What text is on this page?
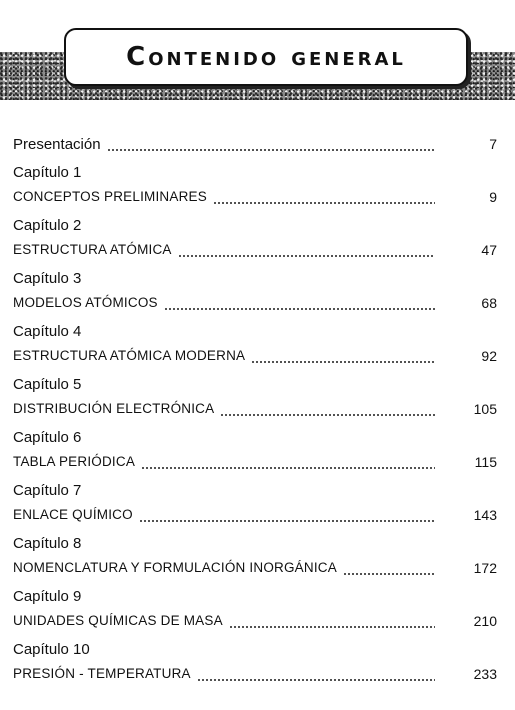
Contenido general
Presentación	7
Capítulo 1
CONCEPTOS PRELIMINARES	9
Capítulo 2
ESTRUCTURA ATÓMICA	47
Capítulo 3
MODELOS ATÓMICOS	68
Capítulo 4
ESTRUCTURA ATÓMICA MODERNA	92
Capítulo 5
DISTRIBUCIÓN ELECTRÓNICA	105
Capítulo 6
TABLA PERIÓDICA	115
Capítulo 7
ENLACE QUÍMICO	143
Capítulo 8
NOMENCLATURA Y FORMULACIÓN INORGÁNICA	172
Capítulo 9
UNIDADES QUÍMICAS DE MASA	210
Capítulo 10
PRESIÓN - TEMPERATURA	233
